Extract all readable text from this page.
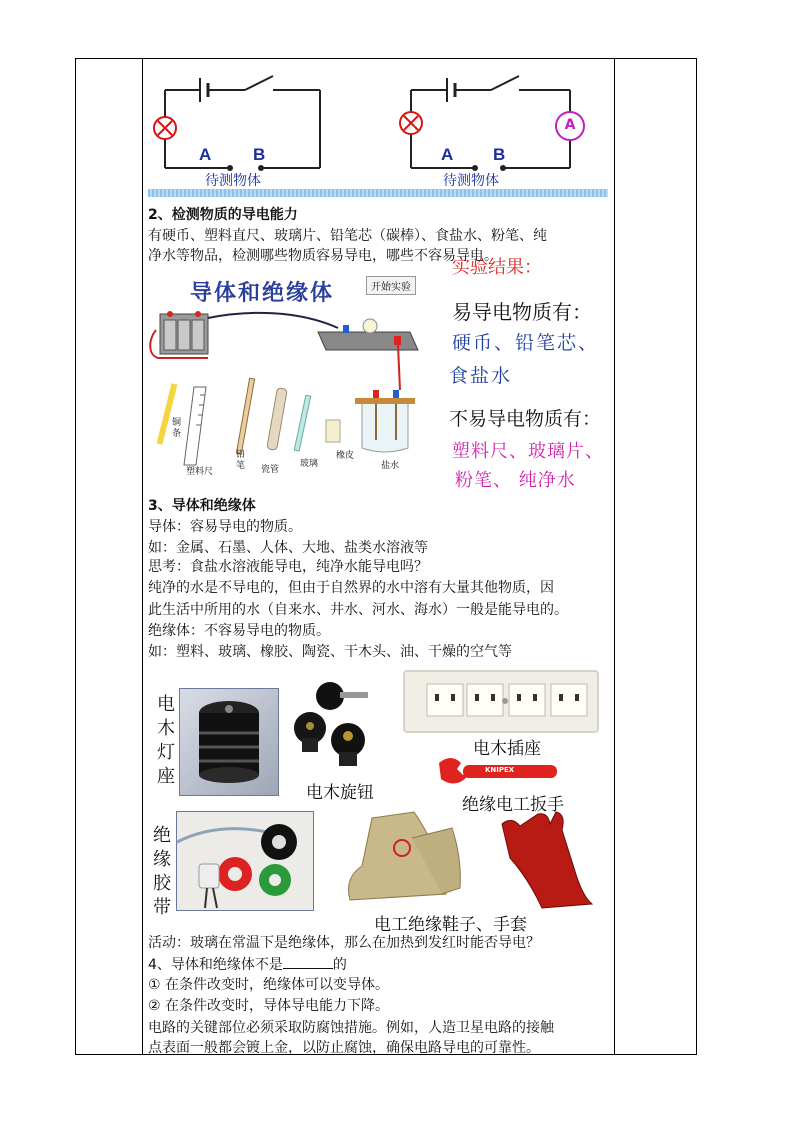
A B
待测物体
A B
待测物体
A
2、检测物质的导电能力
有硬币、塑料直尺、玻璃片、铅笔芯（碳棒）、食盐水、粉笔、纯
净水等物品，检测哪些物质容易导电，哪些不容易导电。
导体和绝缘体	开始实验
铜条
塑料尺
铅笔 瓷管
玻璃
橡皮
盐水
实验结果：
易导电物质有：
硬币、铅笔芯、
食盐水
不易导电物质有：
塑料尺、玻璃片、
粉笔、 纯净水
3、导体和绝缘体
导体：容易导电的物质。
如：金属、石墨、人体、大地、盐类水溶液等
思考：食盐水溶液能导电，纯净水能导电吗？
纯净的水是不导电的，但由于自然界的水中溶有大量其他物质，因
此生活中所用的水（自来水、井水、河水、海水）一般是能导电的。
绝缘体：不容易导电的物质。
如：塑料、玻璃、橡胶、陶瓷、干木头、油、干燥的空气等
电木灯座
电木旋钮
电木插座
KNIPEX
绝缘电工扳手
绝缘胶带
电工绝缘鞋子、手套
活动：玻璃在常温下是绝缘体，那么在加热到发红时能否导电？
4、导体和绝缘体不是	的
① 在条件改变时，绝缘体可以变导体。
② 在条件改变时，导体导电能力下降。
电路的关键部位必须采取防腐蚀措施。例如，人造卫星电路的接触
点表面一般都会镀上金，以防止腐蚀，确保电路导电的可靠性。
